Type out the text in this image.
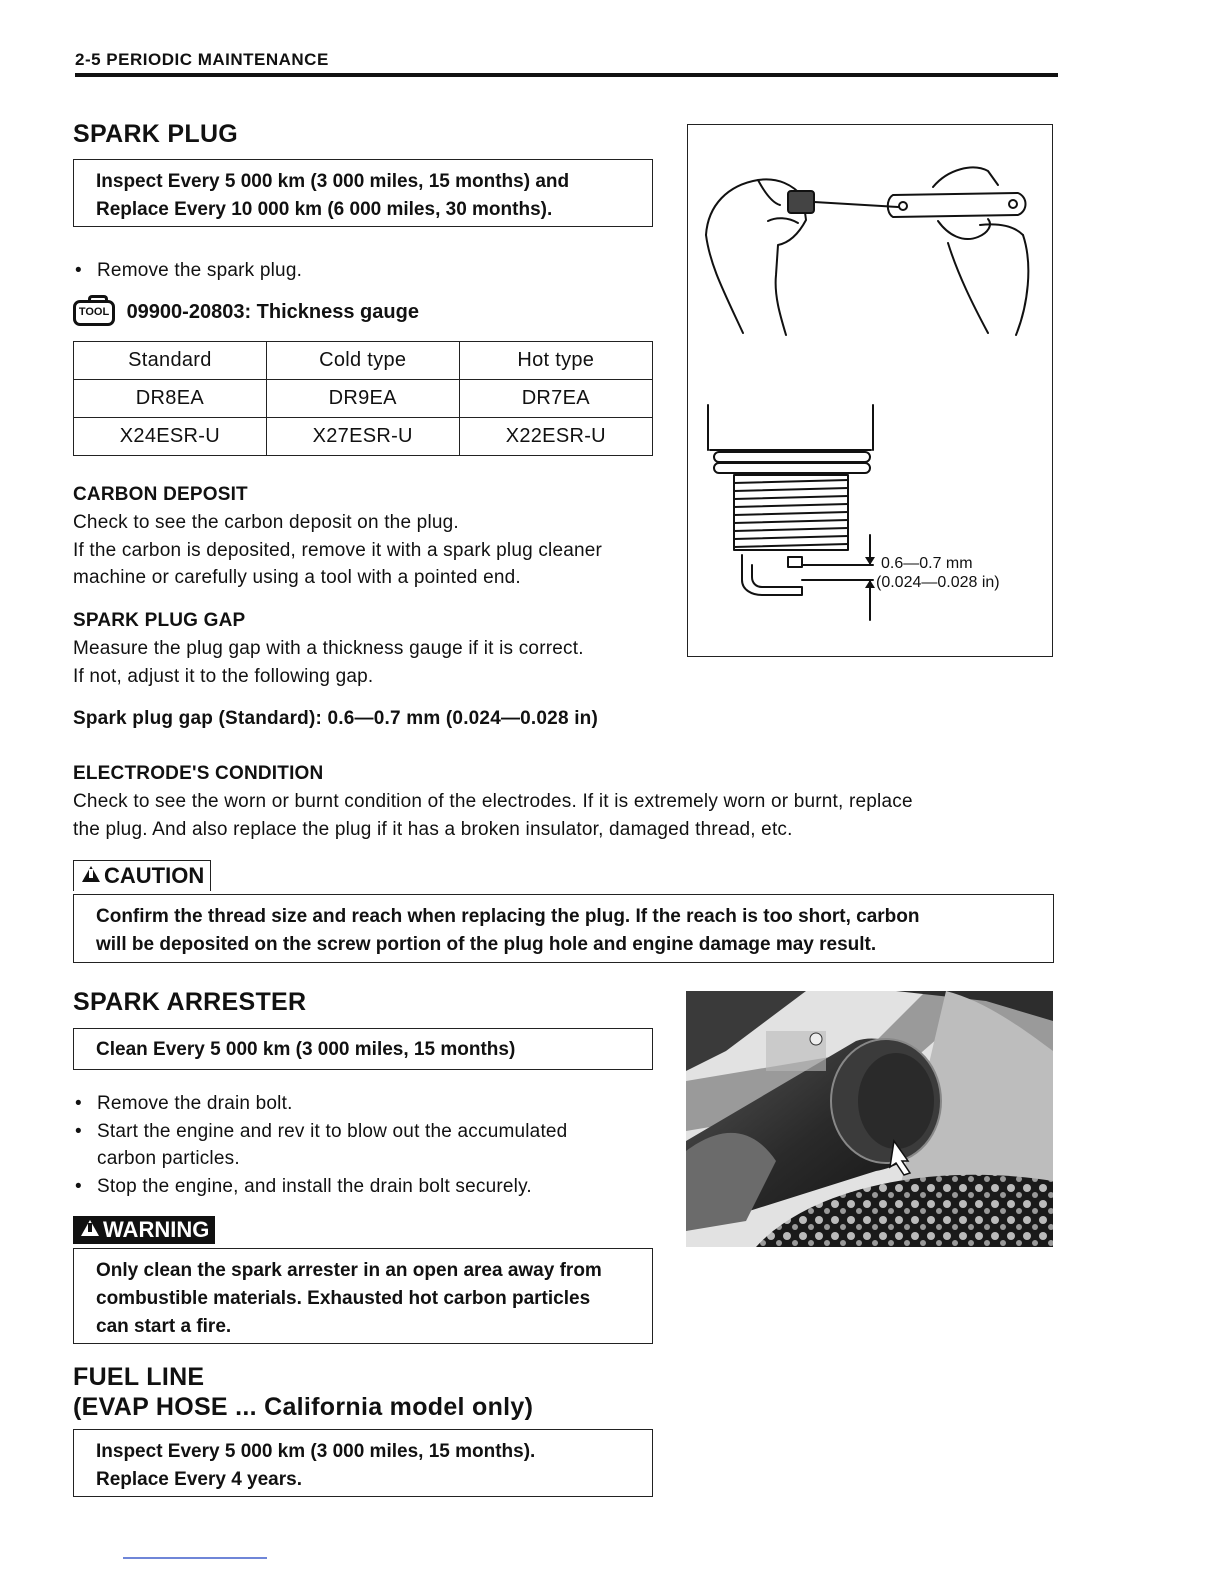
2-5 PERIODIC MAINTENANCE
SPARK PLUG
Inspect Every 5 000 km (3 000 miles, 15 months) and
Replace Every 10 000 km (6 000 miles, 30 months).
• Remove the spark plug.
TOOL 09900-20803: Thickness gauge
Standard	Cold type	Hot type
DR8EA	DR9EA	DR7EA
X24ESR-U	X27ESR-U	X22ESR-U
CARBON DEPOSIT
Check to see the carbon deposit on the plug.
If the carbon is deposited, remove it with a spark plug cleaner
machine or carefully using a tool with a pointed end.
SPARK PLUG GAP
Measure the plug gap with a thickness gauge if it is correct.
If not, adjust it to the following gap.
Spark plug gap (Standard): 0.6—0.7 mm (0.024—0.028 in)
0.6—0.7 mm
(0.024—0.028 in)
ELECTRODE'S CONDITION
Check to see the worn or burnt condition of the electrodes. If it is extremely worn or burnt, replace
the plug. And also replace the plug if it has a broken insulator, damaged thread, etc.
CAUTION
Confirm the thread size and reach when replacing the plug. If the reach is too short, carbon
will be deposited on the screw portion of the plug hole and engine damage may result.
SPARK ARRESTER
Clean Every 5 000 km (3 000 miles, 15 months)
• Remove the drain bolt.
• Start the engine and rev it to blow out the accumulated
carbon particles.
• Stop the engine, and install the drain bolt securely.
WARNING
Only clean the spark arrester in an open area away from
combustible materials. Exhausted hot carbon particles
can start a fire.
FUEL LINE
(EVAP HOSE ... California model only)
Inspect Every 5 000 km (3 000 miles, 15 months).
Replace Every 4 years.
